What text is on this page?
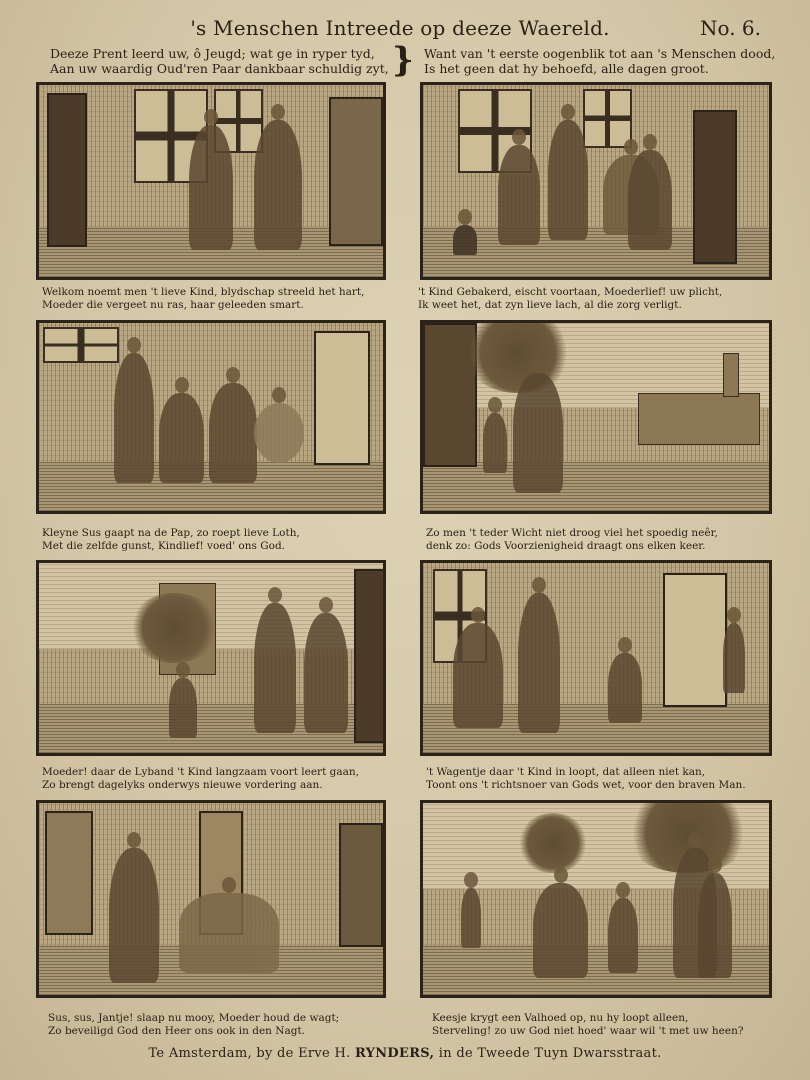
's Menschen Intreede op deeze Waereld.	No. 6.
Deeze Prent leerd uw, ô Jeugd; wat ge in ryper tyd,
Aan uw waardig Oud'ren Paar dankbaar schuldig zyt, } Want van 't eerste oogenblik tot aan 's Menschen dood,
Is het geen dat hy behoefd, alle dagen groot.
Welkom noemt men 't lieve Kind, blydschap streeld het hart,
Moeder die vergeet nu ras, haar geleeden smart.
't Kind Gebakerd, eischt voortaan, Moederlief! uw plicht,
Ik weet het, dat zyn lieve lach, al die zorg verligt.
Kleyne Sus gaapt na de Pap, zo roept lieve Loth,
Met die zelfde gunst, Kindlief! voed' ons God.
Zo men 't teder Wicht niet droog viel het spoedig neêr,
denk zo: Gods Voorzienigheid draagt ons elken keer.
Moeder! daar de Lyband 't Kind langzaam voort leert gaan,
Zo brengt dagelyks onderwys nieuwe vordering aan.
't Wagentje daar 't Kind in loopt, dat alleen niet kan,
Toont ons 't richtsnoer van Gods wet, voor den braven Man.
Sus, sus, Jantje! slaap nu mooy, Moeder houd de wagt;
Zo beveiligd God den Heer ons ook in den Nagt.
Keesje krygt een Valhoed op, nu hy loopt alleen,
Sterveling! zo uw God niet hoed' waar wil 't met uw heen?
Te Amsterdam, by de Erve H. RYNDERS, in de Tweede Tuyn Dwarsstraat.
